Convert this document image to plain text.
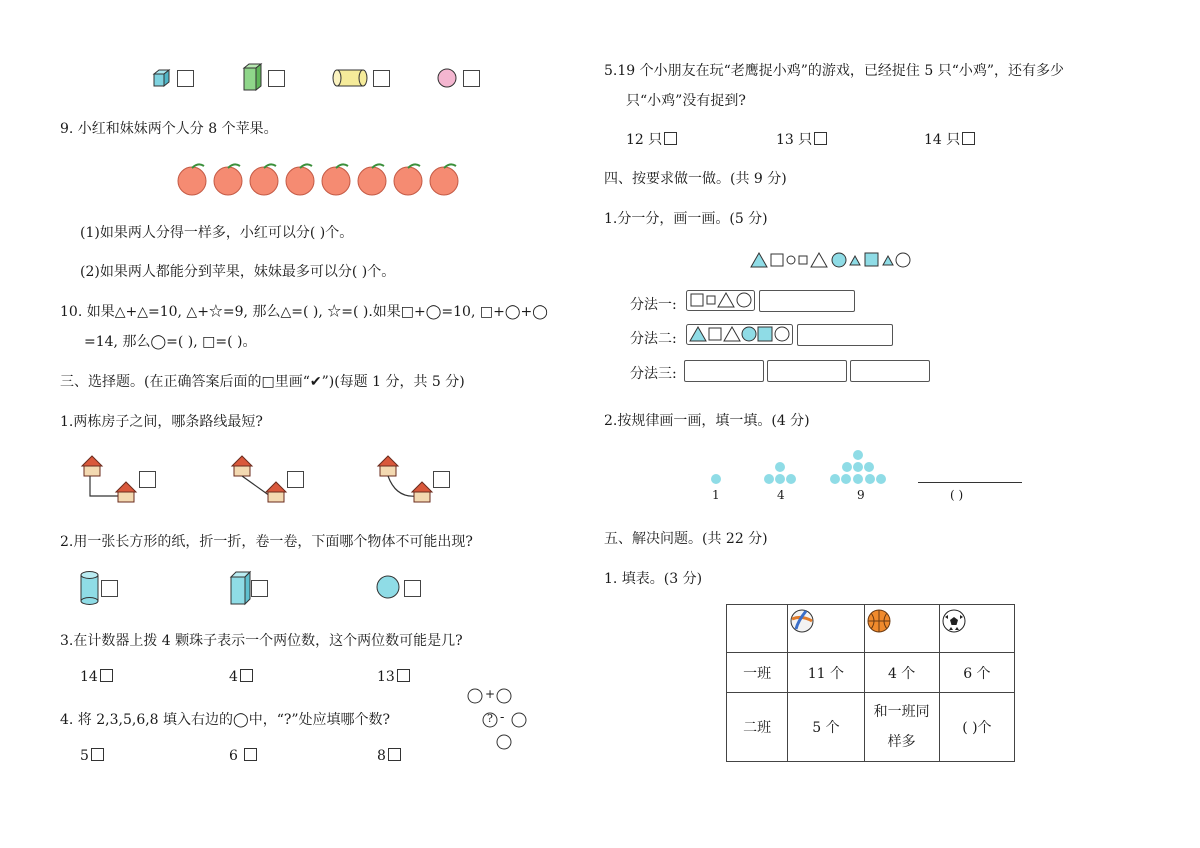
9. 小红和妹妹两个人分 8 个苹果。
(1)如果两人分得一样多，小红可以分( )个。
(2)如果两人都能分到苹果，妹妹最多可以分( )个。
10. 如果△+△=10, △+☆=9, 那么△=( ), ☆=( ).如果□+◯=10, □+◯+◯
=14, 那么◯=( ), □=( )。
三、选择题。(在正确答案后面的□里画“✔”)(每题 1 分，共 5 分)
1.两栋房子之间，哪条路线最短?
2.用一张长方形的纸，折一折，卷一卷，下面哪个物体不可能出现?
3.在计数器上拨 4 颗珠子表示一个两位数，这个两位数可能是几?
14	4	13
4. 将 2,3,5,6,8 填入右边的◯中，“?”处应填哪个数?
+
? -
5	6	8
5.19 个小朋友在玩“老鹰捉小鸡”的游戏，已经捉住 5 只“小鸡”，还有多少
只“小鸡”没有捉到?
12 只	13 只	14 只
四、按要求做一做。(共 9 分)
1.分一分，画一画。(5 分)
分法一:
分法二:
分法三:
2.按规律画一画，填一填。(4 分)
1	4	9	( )
五、解决问题。(共 22 分)
1. 填表。(3 分)

一班	11 个	4 个	6 个
二班	5 个	和一班同
样多	( )个
